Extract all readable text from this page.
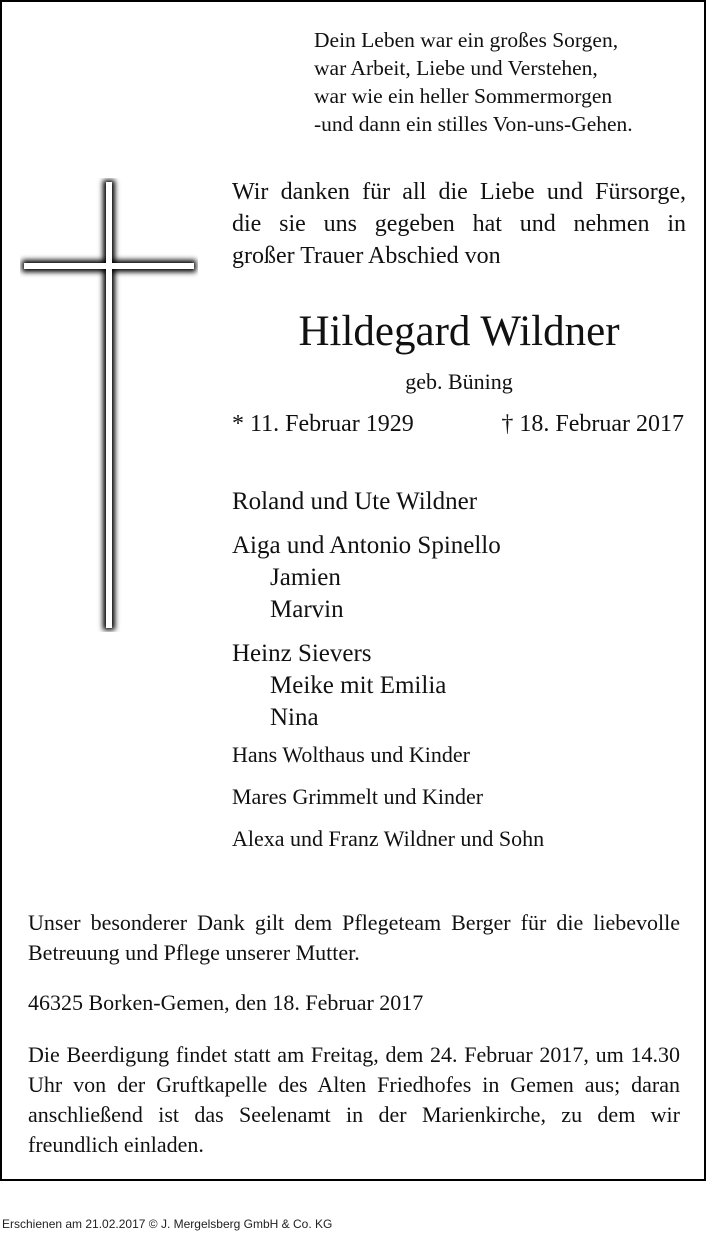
Dein Leben war ein großes Sorgen,
war Arbeit, Liebe und Verstehen,
war wie ein heller Sommermorgen
-und dann ein stilles Von-uns-Gehen.
Wir danken für all die Liebe und Fürsorge,
die sie uns gegeben hat und nehmen in
großer Trauer Abschied von
Hildegard Wildner
geb. Büning
* 11. Februar 1929	† 18. Februar 2017
Roland und Ute Wildner
Aiga und Antonio Spinello
Jamien
Marvin
Heinz Sievers
Meike mit Emilia
Nina
Hans Wolthaus und Kinder
Mares Grimmelt und Kinder
Alexa und Franz Wildner und Sohn
Unser besonderer Dank gilt dem Pflegeteam Berger für die liebevolle Betreuung und Pflege unserer Mutter.
46325 Borken-Gemen, den 18. Februar 2017
Die Beerdigung findet statt am Freitag, dem 24. Februar 2017, um 14.30 Uhr von der Gruftkapelle des Alten Friedhofes in Gemen aus; daran anschließend ist das Seelenamt in der Marienkirche, zu dem wir freundlich einladen.
Erschienen am 21.02.2017 © J. Mergelsberg GmbH & Co. KG
